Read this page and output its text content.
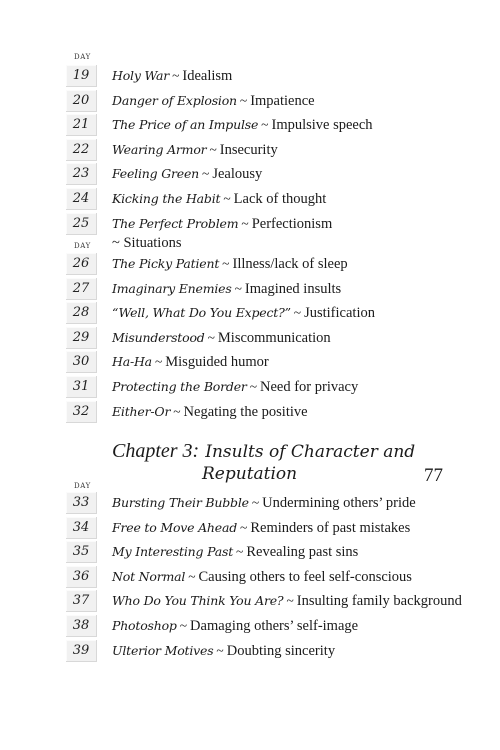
DAY
19	Holy War ~ Idealism
20	Danger of Explosion ~ Impatience
21	The Price of an Impulse ~ Impulsive speech
22	Wearing Armor ~ Insecurity
23	Feeling Green ~ Jealousy
24	Kicking the Habit ~ Lack of thought
25	The Perfect Problem ~ Perfectionism
~ Situations
DAY
26	The Picky Patient ~ Illness/lack of sleep
27	Imaginary Enemies ~ Imagined insults
28	“Well, What Do You Expect?” ~ Justification
29	Misunderstood ~ Miscommunication
30	Ha-Ha ~ Misguided humor
31	Protecting the Border ~ Need for privacy
32	Either-Or ~ Negating the positive
Chapter 3: Insults of Character and
Reputation	77
DAY
33	Bursting Their Bubble ~ Undermining others’ pride
34	Free to Move Ahead ~ Reminders of past mistakes
35	My Interesting Past ~ Revealing past sins
36	Not Normal ~ Causing others to feel self-conscious
37	Who Do You Think You Are? ~ Insulting family background
38	Photoshop ~ Damaging others’ self-image
39	Ulterior Motives ~ Doubting sincerity
